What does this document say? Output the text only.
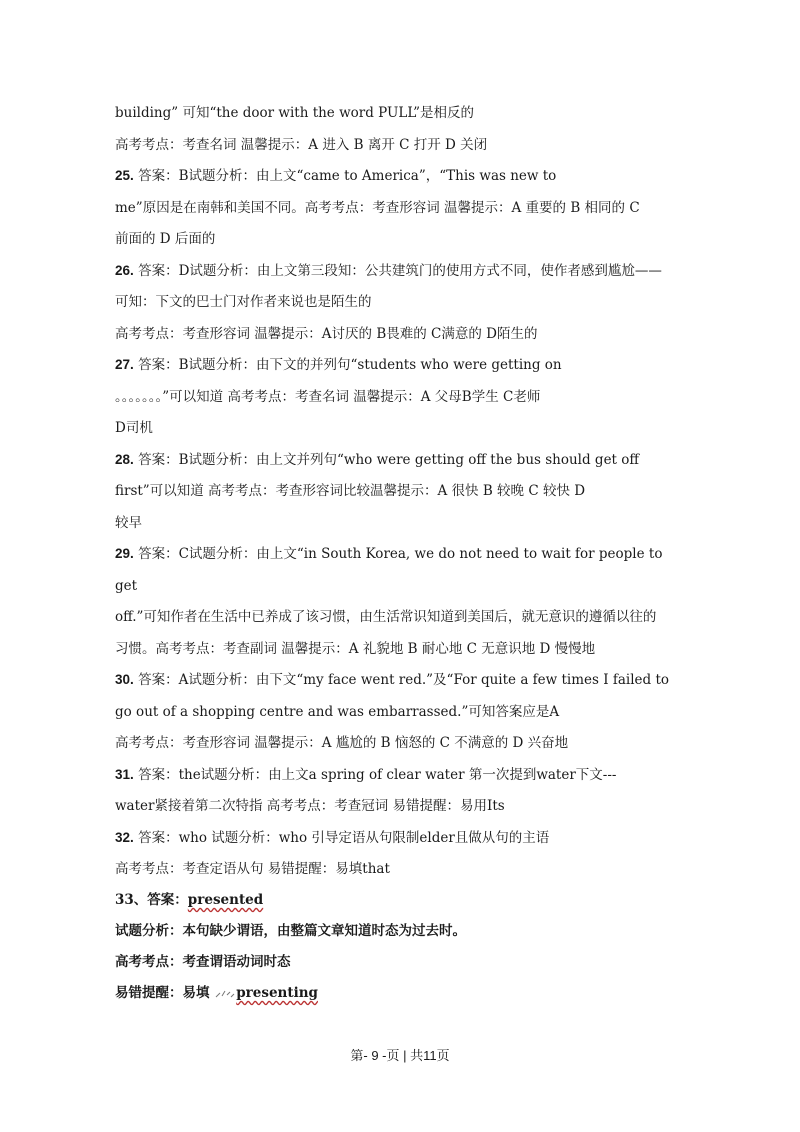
building” 可知“the door with the word PULL”是相反的
高考考点：考查名词 温馨提示：A 进入 B 离开 C 打开 D 关闭
25. 答案：B试题分析：由上文“came to America”，“This was new to
me”原因是在南韩和美国不同。高考考点：考查形容词 温馨提示：A 重要的 B 相同的 C
前面的 D 后面的
26. 答案：D试题分析：由上文第三段知：公共建筑门的使用方式不同，使作者感到尴尬——
可知：下文的巴士门对作者来说也是陌生的
高考考点：考查形容词 温馨提示：A讨厌的 B畏难的 C满意的 D陌生的
27. 答案：B试题分析：由下文的并列句“students who were getting on
。。。。。。。”可以知道 高考考点：考查名词 温馨提示：A 父母B学生 C老师
D司机
28. 答案：B试题分析：由上文并列句“who were getting off the bus should get off
first”可以知道 高考考点：考查形容词比较温馨提示：A 很快 B 较晚 C 较快 D
较早
29. 答案：C试题分析：由上文“in South Korea, we do not need to wait for people to
get
off.”可知作者在生活中已养成了该习惯，由生活常识知道到美国后，就无意识的遵循以往的
习惯。高考考点：考查副词 温馨提示：A 礼貌地 B 耐心地 C 无意识地 D 慢慢地
30. 答案：A试题分析：由下文“my face went red.”及“For quite a few times I failed to
go out of a shopping centre and was embarrassed.”可知答案应是A
高考考点：考查形容词 温馨提示：A 尴尬的 B 恼怒的 C 不满意的 D 兴奋地
31. 答案：the试题分析：由上文a spring of clear water 第一次提到water下文---
water紧接着第二次特指 高考考点：考查冠词 易错提醒：易用Its
32. 答案：who 试题分析：who 引导定语从句限制elder且做从句的主语
高考考点：考查定语从句 易错提醒：易填that
33、答案：presented
试题分析：本句缺少谓语，由整篇文章知道时态为过去时。
高考考点：考查谓语动词时态
易错提醒：易填 presenting
第- 9 -页 | 共11页
